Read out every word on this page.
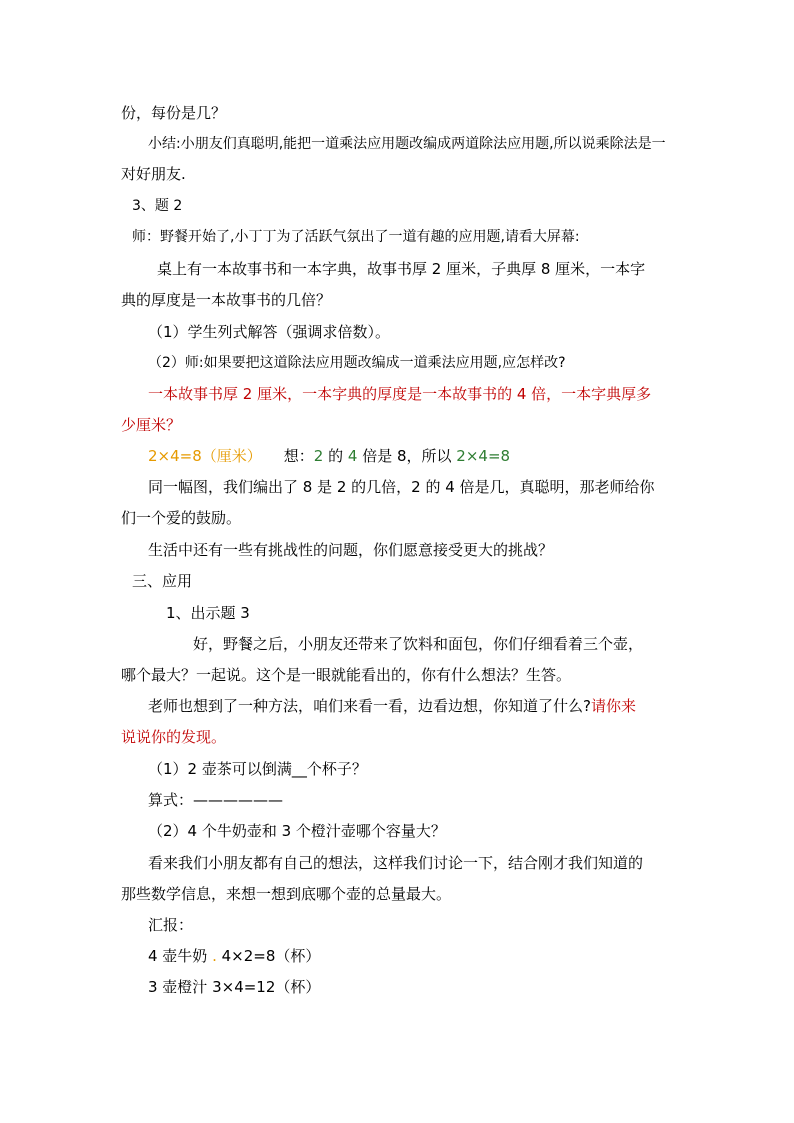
份，每份是几？
小结:小朋友们真聪明,能把一道乘法应用题改编成两道除法应用题,所以说乘除法是一
对好朋友.
3、题 2
师：野餐开始了,小丁丁为了活跃气氛出了一道有趣的应用题,请看大屏幕:
桌上有一本故事书和一本字典，故事书厚 2 厘米，子典厚 8 厘米，一本字
典的厚度是一本故事书的几倍？
（1）学生列式解答（强调求倍数）。
（2）师:如果要把这道除法应用题改编成一道乘法应用题,应怎样改?
一本故事书厚 2 厘米，一本字典的厚度是一本故事书的 4 倍，一本字典厚多
少厘米？
2×4=8（厘米） 想：2 的 4 倍是 8，所以 2×4=8
同一幅图，我们编出了 8 是 2 的几倍，2 的 4 倍是几，真聪明，那老师给你
们一个爱的鼓励。
生活中还有一些有挑战性的问题，你们愿意接受更大的挑战？
三、应用
1、出示题 3
好，野餐之后，小朋友还带来了饮料和面包，你们仔细看着三个壶，
哪个最大？一起说。这个是一眼就能看出的，你有什么想法？生答。
老师也想到了一种方法，咱们来看一看，边看边想，你知道了什么?请你来
说说你的发现。
（1）2 壶茶可以倒满__个杯子？
算式：——————
（2）4 个牛奶壶和 3 个橙汁壶哪个容量大？
看来我们小朋友都有自己的想法，这样我们讨论一下，结合刚才我们知道的
那些数学信息，来想一想到底哪个壶的总量最大。
汇报：
4 壶牛奶 . 4×2=8（杯）
3 壶橙汁 3×4=12（杯）
